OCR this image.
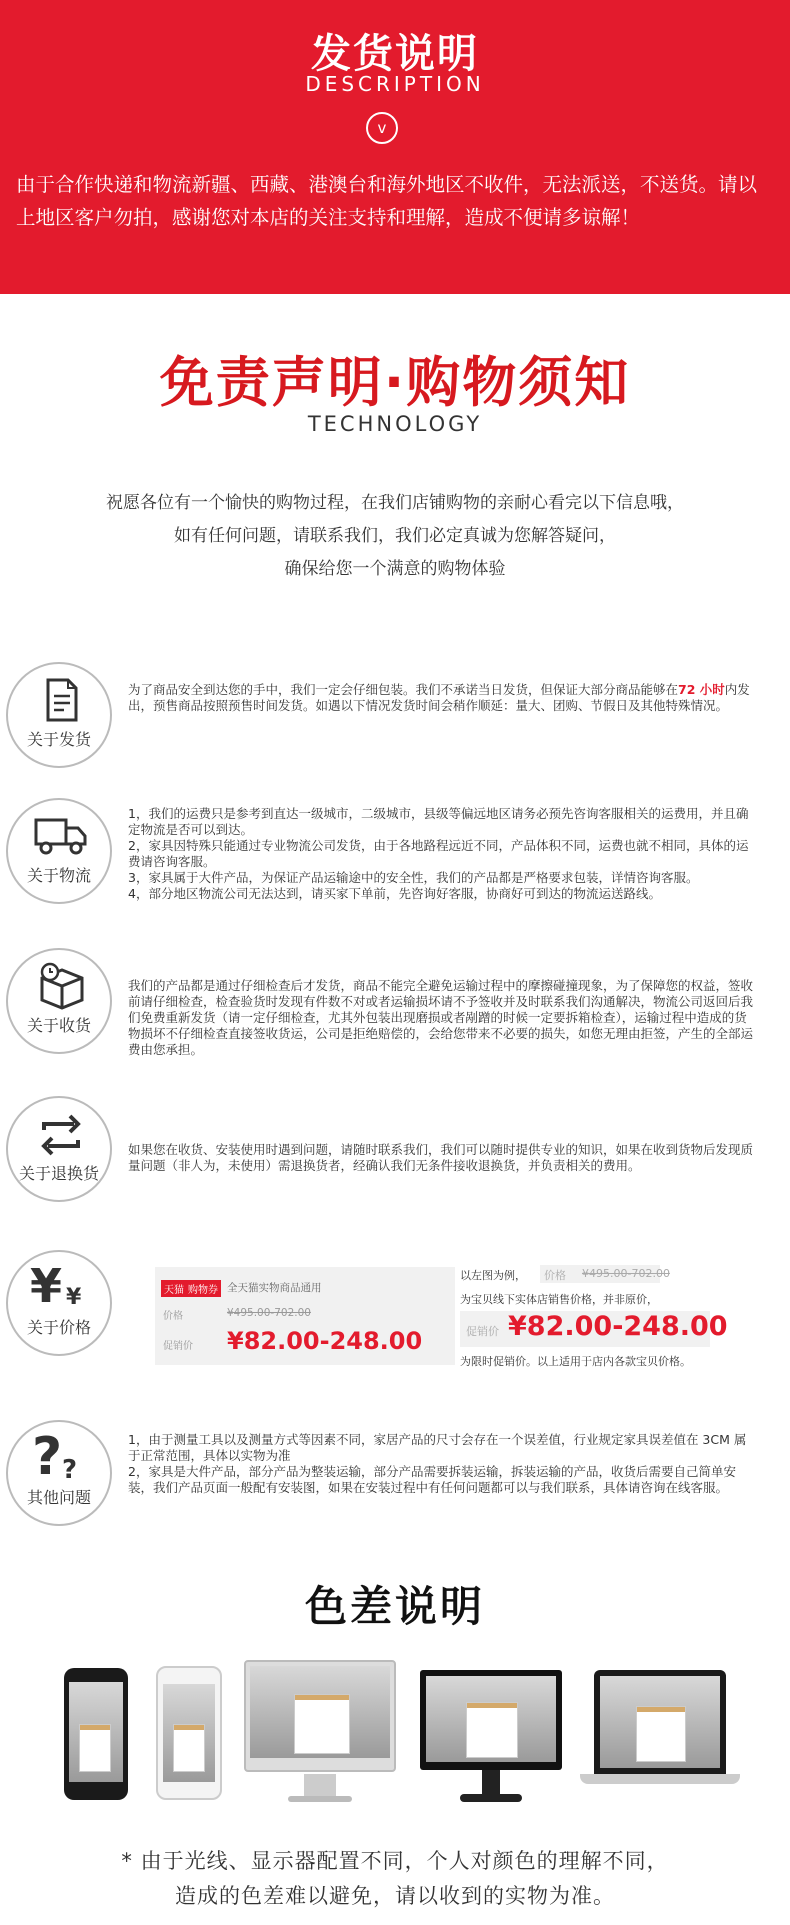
发货说明
DESCRIPTION
v
由于合作快递和物流新疆、西藏、港澳台和海外地区不收件，无法派送，不送货。请以上地区客户勿拍，感谢您对本店的关注支持和理解，造成不便请多谅解！
免责声明·购物须知
TECHNOLOGY
祝愿各位有一个愉快的购物过程，在我们店铺购物的亲耐心看完以下信息哦，
如有任何问题，请联系我们，我们必定真诚为您解答疑问，
确保给您一个满意的购物体验
关于发货
为了商品安全到达您的手中，我们一定会仔细包装。我们不承诺当日发货，但保证大部分商品能够在72 小时内发出，预售商品按照预售时间发货。如遇以下情况发货时间会稍作顺延：量大、团购、节假日及其他特殊情况。
关于物流
1，我们的运费只是参考到直达一级城市，二级城市，县级等偏远地区请务必预先咨询客服相关的运费用，并且确定物流是否可以到达。
2，家具因特殊只能通过专业物流公司发货，由于各地路程远近不同，产品体积不同，运费也就不相同，具体的运费请咨询客服。
3，家具属于大件产品，为保证产品运输途中的安全性，我们的产品都是严格要求包装，详情咨询客服。
4，部分地区物流公司无法达到，请买家下单前，先咨询好客服，协商好可到达的物流运送路线。
关于收货
我们的产品都是通过仔细检查后才发货，商品不能完全避免运输过程中的摩擦碰撞现象，为了保障您的权益，签收前请仔细检查，检查验货时发现有件数不对或者运输损坏请不予签收并及时联系我们沟通解决，物流公司返回后我们免费重新发货（请一定仔细检查，尤其外包装出现磨损或者剐蹭的时候一定要拆箱检查），运输过程中造成的货物损坏不仔细检查直接签收货运，公司是拒绝赔偿的，会给您带来不必要的损失，如您无理由拒签，产生的全部运费由您承担。
关于退换货
如果您在收货、安装使用时遇到问题，请随时联系我们，我们可以随时提供专业的知识，如果在收到货物后发现质量问题（非人为，未使用）需退换货者，经确认我们无条件接收退换货，并负责相关的费用。
¥ ¥
关于价格
天猫 购物券 全天猫实物商品通用
价格	¥495.00-702.00
促销价 ¥82.00-248.00
以左图为例， 价格 ¥495.00-702.00
为宝贝线下实体店销售价格，并非原价，
促销价 ¥82.00-248.00
为限时促销价。以上适用于店内各款宝贝价格。
? ?
其他问题
1，由于测量工具以及测量方式等因素不同，家居产品的尺寸会存在一个误差值，行业规定家具误差值在 3CM 属于正常范围，具体以实物为准
2，家具是大件产品，部分产品为整装运输，部分产品需要拆装运输，拆装运输的产品，收货后需要自己简单安装，我们产品页面一般配有安装图，如果在安装过程中有任何问题都可以与我们联系，具体请咨询在线客服。
色差说明
* 由于光线、显示器配置不同，个人对颜色的理解不同，
造成的色差难以避免，请以收到的实物为准。
